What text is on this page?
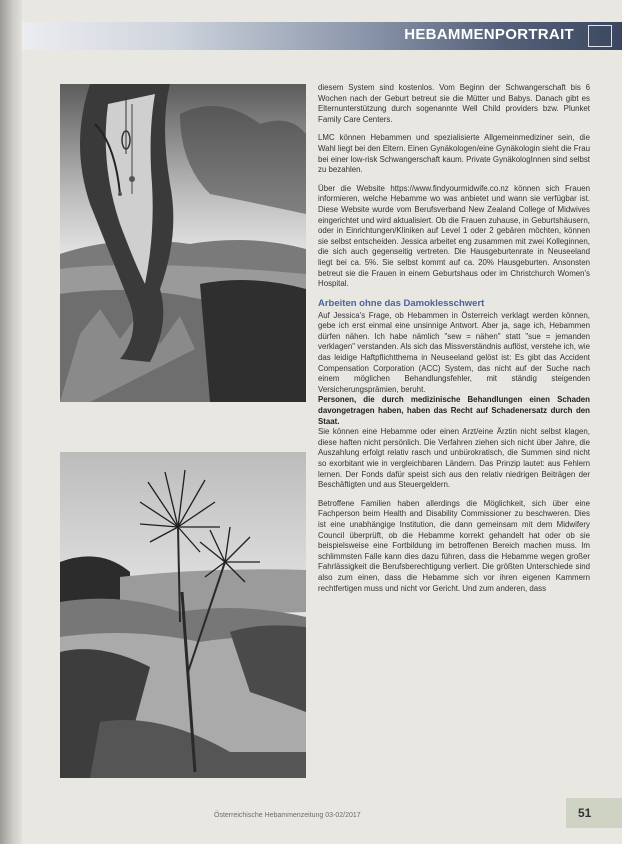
HEBAMMENPORTRAIT

diesem System sind kostenlos. Vom Beginn der Schwangerschaft bis 6 Wochen nach der Geburt betreut sie die Mütter und Babys. Danach gibt es Elternunterstützung durch sogenannte Well Child providers bzw. Plunket Family Care Centers.

LMC können Hebammen und spezialisierte Allgemeinmediziner sein, die Wahl liegt bei den Eltern. Einen Gynäkologen/eine Gynäkologin sieht die Frau bei einer low-risk Schwangerschaft kaum. Private GynäkologInnen sind selbst zu bezahlen.

Über die Website https://www.findyourmidwife.co.nz können sich Frauen informieren, welche Hebamme wo was anbietet und wann sie verfügbar ist. Diese Website wurde vom Berufsverband New Zealand College of Midwives eingerichtet und wird aktualisiert. Ob die Frauen zuhause, in Geburtshäusern, oder in Einrichtungen/Kliniken auf Level 1 oder 2 gebären möchten, können sie selbst entscheiden. Jessica arbeitet eng zusammen mit zwei Kolleginnen, die sich auch gegenseitig vertreten. Die Hausgeburtenrate in Neuseeland liegt bei ca. 5%. Sie selbst kommt auf ca. 20% Hausgeburten. Ansonsten betreut sie die Frauen in einem Geburtshaus oder im Christchurch Women's Hospital.

Arbeiten ohne das Damoklesschwert

Auf Jessica's Frage, ob Hebammen in Österreich verklagt werden können, gebe ich erst einmal eine unsinnige Antwort. Aber ja, sage ich, Hebammen dürfen nähen. Ich habe nämlich "sew = nähen" statt "sue = jemanden verklagen" verstanden. Als sich das Missverständnis auflöst, verstehe ich, wie das leidige Haftpflichtthema in Neuseeland gelöst ist: Es gibt das Accident Compensation Corporation (ACC) System, das nicht auf der Suche nach einem möglichen Behandlungsfehler, mit ständig steigenden Versicherungsprämien, beruht.

Personen, die durch medizinische Behandlungen einen Schaden davongetragen haben, haben das Recht auf Schadenersatz durch den Staat.

Sie können eine Hebamme oder einen Arzt/eine Ärztin nicht selbst klagen, diese haften nicht persönlich. Die Verfahren ziehen sich nicht über Jahre, die Auszahlung erfolgt relativ rasch und unbürokratisch, die Summen sind nicht so exorbitant wie in vergleichbaren Ländern. Das Prinzip lautet: aus Fehlern lernen. Der Fonds dafür speist sich aus den relativ niedrigen Beiträgen der Beschäftigten und aus Steuergeldern.

Betroffene Familien haben allerdings die Möglichkeit, sich über eine Fachperson beim Health and Disability Commissioner zu beschweren. Dies ist eine unabhängige Institution, die dann gemeinsam mit dem Midwifery Council überprüft, ob die Hebamme korrekt gehandelt hat oder ob sie beispielsweise eine Fortbildung im betroffenen Bereich machen muss. Im schlimmsten Falle kann dies dazu führen, dass die Hebamme wegen großer Fahrlässigkeit die Berufsberechtigung verliert. Die größten Unterschiede sind also zum einen, dass die Hebamme sich vor ihren eigenen Kammern rechtfertigen muss und nicht vor Gericht. Und zum anderen, dass

Österreichische Hebammenzeitung 03-02/2017	51
